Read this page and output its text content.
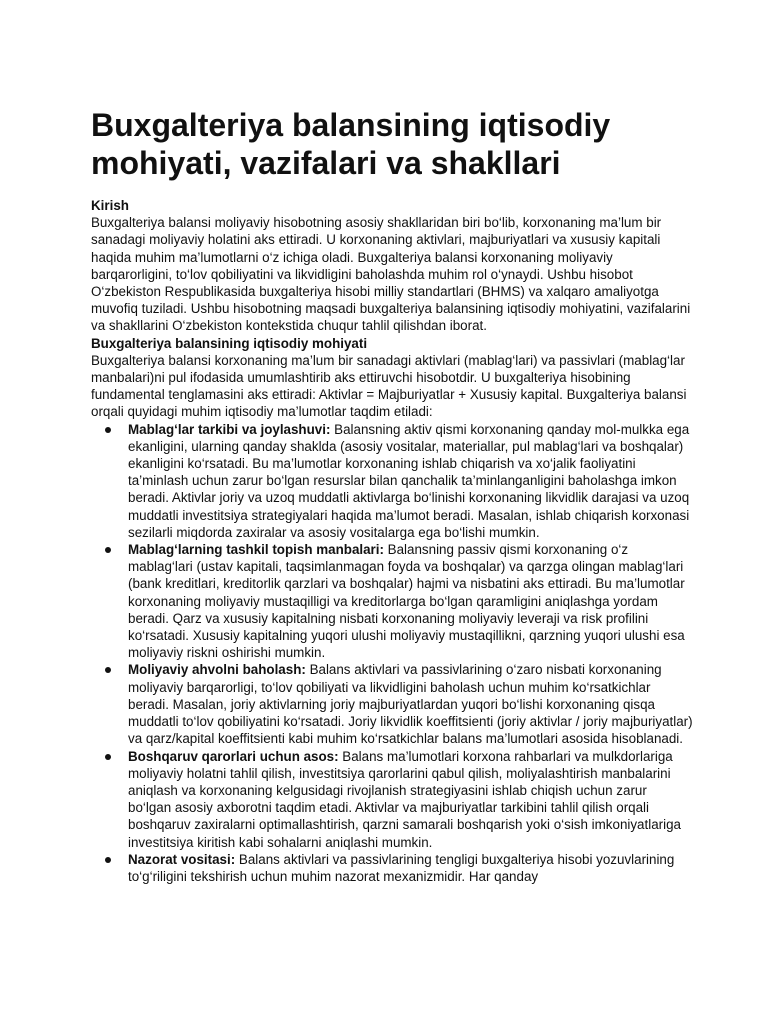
Buxgalteriya balansining iqtisodiy mohiyati, vazifalari va shakllari

Kirish

Buxgalteriya balansi moliyaviy hisobotning asosiy shakllaridan biri bo‘lib, korxonaning ma’lum bir sanadagi moliyaviy holatini aks ettiradi. U korxonaning aktivlari, majburiyatlari va xususiy kapitali haqida muhim ma’lumotlarni o‘z ichiga oladi. Buxgalteriya balansi korxonaning moliyaviy barqarorligini, to‘lov qobiliyatini va likvidligini baholashda muhim rol o‘ynaydi. Ushbu hisobot O‘zbekiston Respublikasida buxgalteriya hisobi milliy standartlari (BHMS) va xalqaro amaliyotga muvofiq tuziladi. Ushbu hisobotning maqsadi buxgalteriya balansining iqtisodiy mohiyatini, vazifalarini va shakllarini O‘zbekiston kontekstida chuqur tahlil qilishdan iborat.

Buxgalteriya balansining iqtisodiy mohiyati

Buxgalteriya balansi korxonaning ma’lum bir sanadagi aktivlari (mablag‘lari) va passivlari (mablag‘lar manbalari)ni pul ifodasida umumlashtirib aks ettiruvchi hisobotdir. U buxgalteriya hisobining fundamental tenglamasini aks ettiradi: Aktivlar = Majburiyatlar + Xususiy kapital. Buxgalteriya balansi orqali quyidagi muhim iqtisodiy ma’lumotlar taqdim etiladi:

Mablag‘lar tarkibi va joylashuvi: Balansning aktiv qismi korxonaning qanday mol-mulkka ega ekanligini, ularning qanday shaklda (asosiy vositalar, materiallar, pul mablag‘lari va boshqalar) ekanligini ko‘rsatadi. Bu ma’lumotlar korxonaning ishlab chiqarish va xo‘jalik faoliyatini ta’minlash uchun zarur bo‘lgan resurslar bilan qanchalik ta’minlanganligini baholashga imkon beradi. Aktivlar joriy va uzoq muddatli aktivlarga bo‘linishi korxonaning likvidlik darajasi va uzoq muddatli investitsiya strategiyalari haqida ma’lumot beradi. Masalan, ishlab chiqarish korxonasi sezilarli miqdorda zaxiralar va asosiy vositalarga ega bo‘lishi mumkin.
Mablag‘larning tashkil topish manbalari: Balansning passiv qismi korxonaning o‘z mablag‘lari (ustav kapitali, taqsimlanmagan foyda va boshqalar) va qarzga olingan mablag‘lari (bank kreditlari, kreditorlik qarzlari va boshqalar) hajmi va nisbatini aks ettiradi. Bu ma’lumotlar korxonaning moliyaviy mustaqilligi va kreditorlarga bo‘lgan qaramligini aniqlashga yordam beradi. Qarz va xususiy kapitalning nisbati korxonaning moliyaviy leveraji va risk profilini ko‘rsatadi. Xususiy kapitalning yuqori ulushi moliyaviy mustaqillikni, qarzning yuqori ulushi esa moliyaviy riskni oshirishi mumkin.
Moliyaviy ahvolni baholash: Balans aktivlari va passivlarining o‘zaro nisbati korxonaning moliyaviy barqarorligi, to‘lov qobiliyati va likvidligini baholash uchun muhim ko‘rsatkichlar beradi. Masalan, joriy aktivlarning joriy majburiyatlardan yuqori bo‘lishi korxonaning qisqa muddatli to‘lov qobiliyatini ko‘rsatadi. Joriy likvidlik koeffitsienti (joriy aktivlar / joriy majburiyatlar) va qarz/kapital koeffitsienti kabi muhim ko‘rsatkichlar balans ma’lumotlari asosida hisoblanadi.
Boshqaruv qarorlari uchun asos: Balans ma’lumotlari korxona rahbarlari va mulkdorlariga moliyaviy holatni tahlil qilish, investitsiya qarorlarini qabul qilish, moliyalashtirish manbalarini aniqlash va korxonaning kelgusidagi rivojlanish strategiyasini ishlab chiqish uchun zarur bo‘lgan asosiy axborotni taqdim etadi. Aktivlar va majburiyatlar tarkibini tahlil qilish orqali boshqaruv zaxiralarni optimallashtirish, qarzni samarali boshqarish yoki o‘sish imkoniyatlariga investitsiya kiritish kabi sohalarni aniqlashi mumkin.
Nazorat vositasi: Balans aktivlari va passivlarining tengligi buxgalteriya hisobi yozuvlarining to‘g‘riligini tekshirish uchun muhim nazorat mexanizmidir. Har qanday
